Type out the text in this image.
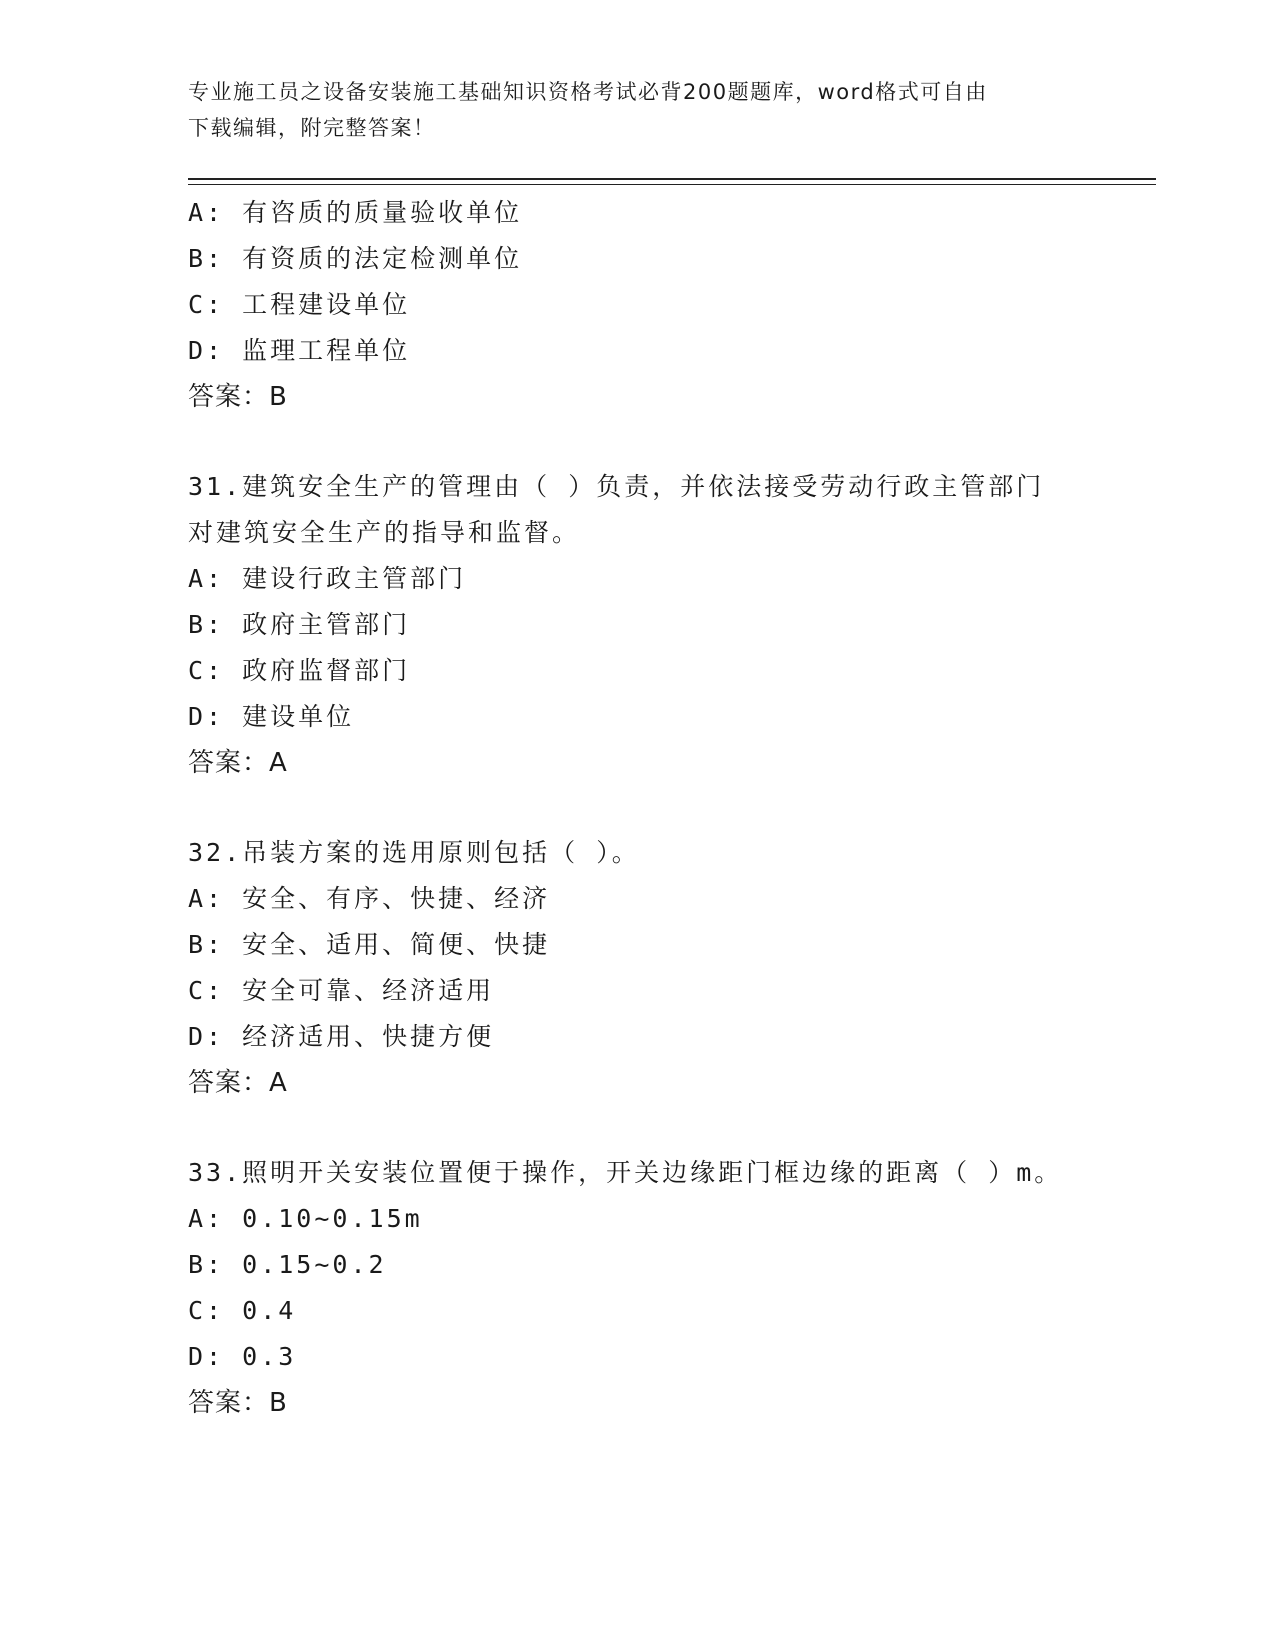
专业施工员之设备安装施工基础知识资格考试必背200题题库，word格式可自由
下载编辑，附完整答案！
A: 有咨质的质量验收单位
B: 有资质的法定检测单位
C: 工程建设单位
D: 监理工程单位
答案：B
31.建筑安全生产的管理由（ ）负责，并依法接受劳动行政主管部门
对建筑安全生产的指导和监督。
A: 建设行政主管部门
B: 政府主管部门
C: 政府监督部门
D: 建设单位
答案：A
32.吊装方案的选用原则包括（ ）。
A: 安全、有序、快捷、经济
B: 安全、适用、简便、快捷
C: 安全可靠、经济适用
D: 经济适用、快捷方便
答案：A
33.照明开关安装位置便于操作，开关边缘距门框边缘的距离（ ）m。
A: 0.10~0.15m
B: 0.15~0.2
C: 0.4
D: 0.3
答案：B
